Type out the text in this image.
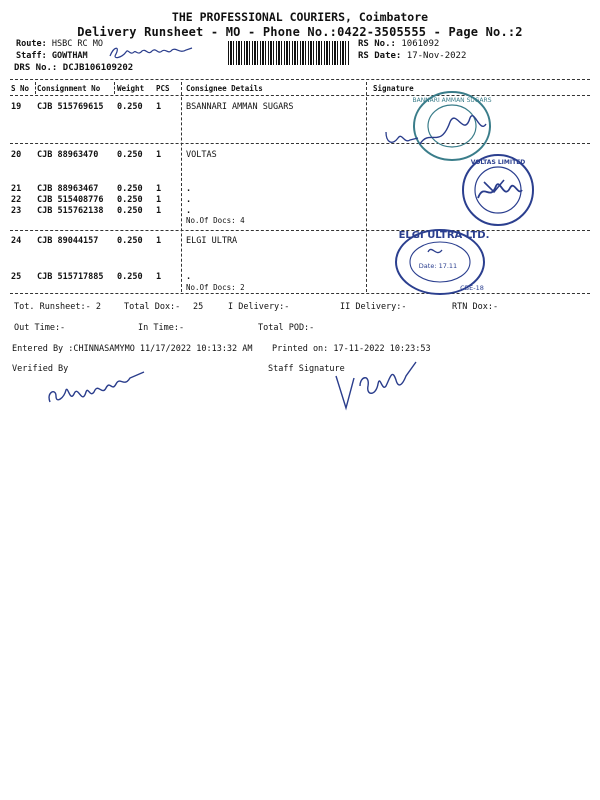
THE PROFESSIONAL COURIERS, Coimbatore
Delivery Runsheet - MO - Phone No.:0422-3505555 - Page No.:2
Route: HSBC RC MO
Staff: GOWTHAM
DRS No.: DCJB106109202
RS No.: 1061092
RS Date: 17-Nov-2022
S No Consignment No Weight PCS Consignee Details	Signature
19 CJB 515769615 0.250 1	BSANNARI AMMAN SUGARS
20 CJB 88963470 0.250 1	VOLTAS
21 CJB 88963467 0.250 1	.
22 CJB 515408776 0.250 1	.
23 CJB 515762138 0.250 1	.
No.Of Docs: 4
24 CJB 89044157 0.250 1	ELGI ULTRA
25 CJB 515717885 0.250 1	.
No.Of Docs: 2
BANNARI AMMAN SUGARS
VOLTAS LIMITED
ELGI ULTRA LTD.
Date: 17.11
CBE-18
Tot. Runsheet:- 2	Total Dox:- 25	I Delivery:-	II Delivery:-	RTN Dox:-
Out Time:-	In Time:-	Total POD:-
Entered By :CHINNASAMYMO 11/17/2022 10:13:32 AM Printed on: 17-11-2022 10:23:53
Verified By	Staff Signature
